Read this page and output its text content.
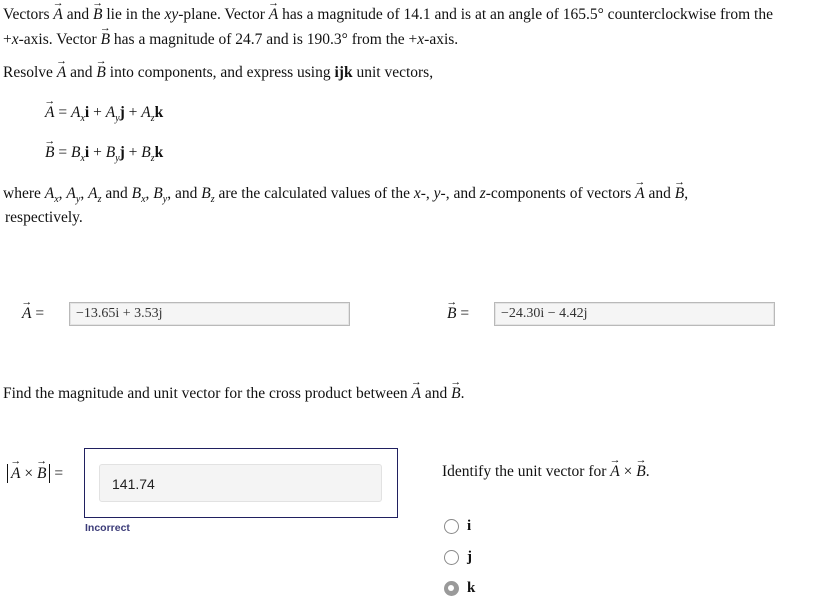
Vectors → A and → B lie in the xy-plane. Vector → A has a magnitude of 14.1 and is at an angle of 165.5° counterclockwise from the
+x-axis. Vector → B has a magnitude of 24.7 and is 190.3° from the +x-axis.
Resolve → A and → B into components, and express using ijk unit vectors,
→ $A = A_xi + A_yj + A_zk$
→ $B = B_xi + B_yj + B_zk$
where $A_x$, $A_y$, $A_z$ and $B_x$, $B_y$, and $B_z$ are the calculated values of the x-, y-, and z-components of vectors → A and → B,
respectively.
→ A =	−13.65i + 3.53j
→	B =	−24.30i − 4.42j
Find the magnitude and unit vector for the cross product between → A and → B.
→ A × → B =
141.74
Incorrect
Identify the unit vector for → A × → B.
i
j
k
